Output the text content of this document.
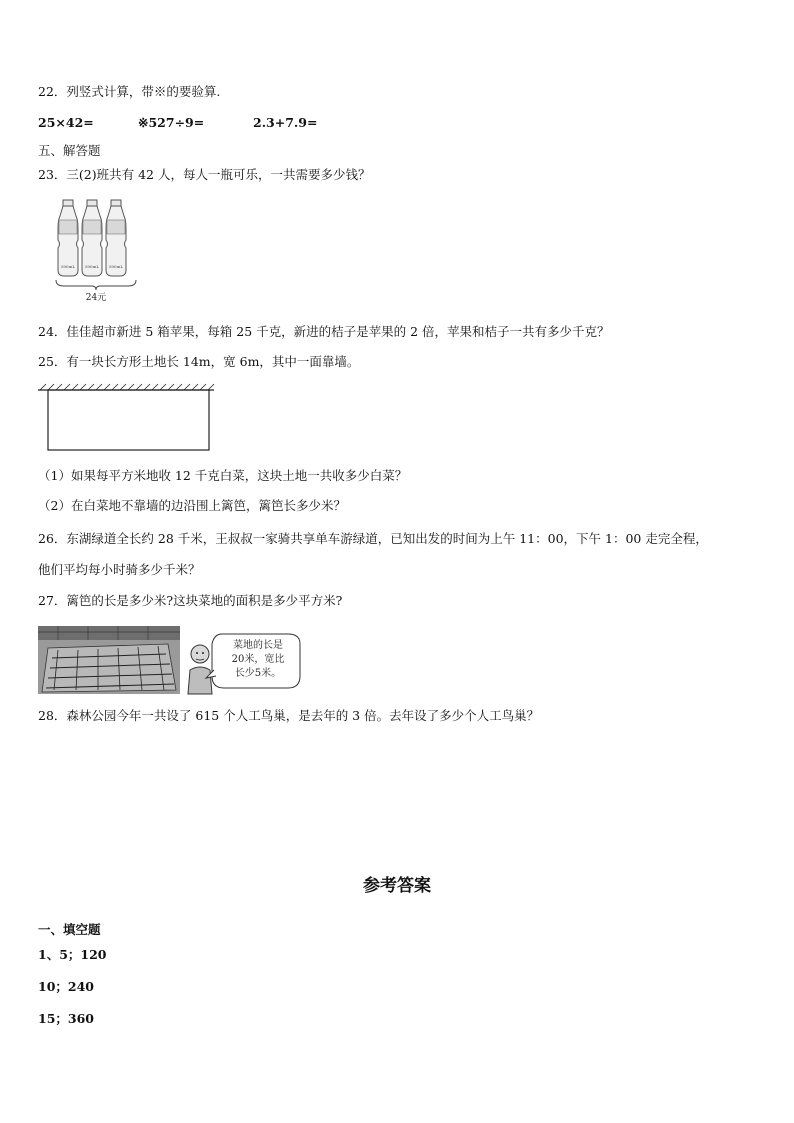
22．列竖式计算，带※的要验算.
25×42=	※527÷9=	2.3+7.9=
五、解答题
23．三(2)班共有 42 人，每人一瓶可乐，一共需要多少钱？
500mL 500mL 500mL
24元
24．佳佳超市新进 5 箱苹果，每箱 25 千克，新进的桔子是苹果的 2 倍，苹果和桔子一共有多少千克？
25．有一块长方形土地长 14m，宽 6m，其中一面靠墙。
（1）如果每平方米地收 12 千克白菜，这块土地一共收多少白菜？
（2）在白菜地不靠墙的边沿围上篱笆，篱笆长多少米？
26．东湖绿道全长约 28 千米，王叔叔一家骑共享单车游绿道，已知出发的时间为上午 11：00，下午 1：00 走完全程，
他们平均每小时骑多少千米？
27．篱笆的长是多少米?这块菜地的面积是多少平方米?
菜地的长是
20米，宽比
长少5米。
28．森林公园今年一共设了 615 个人工鸟巢，是去年的 3 倍。去年设了多少个人工鸟巢？
参考答案
一、填空题
1、5；120
10；240
15；360
